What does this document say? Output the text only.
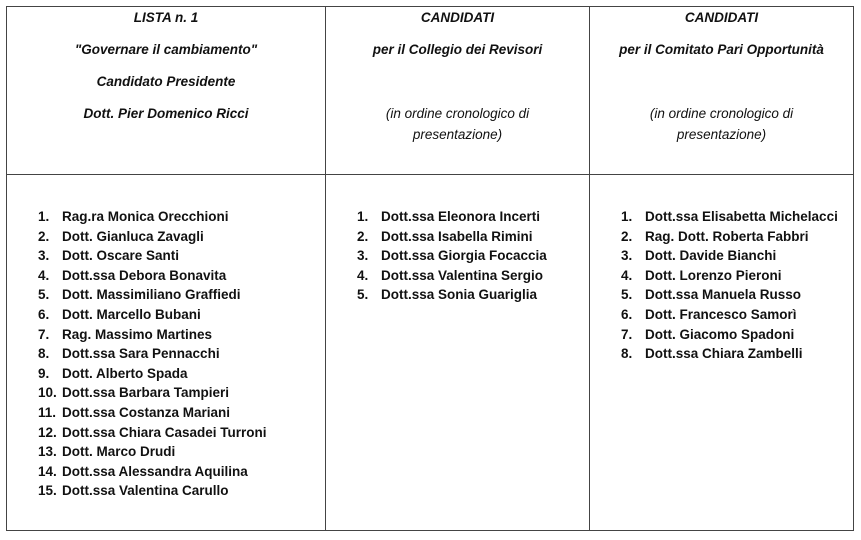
LISTA n. 1
"Governare il cambiamento"
Candidato Presidente
Dott. Pier Domenico Ricci
CANDIDATI
per il Collegio dei Revisori
(in ordine cronologico di
presentazione)
CANDIDATI
per il Comitato Pari Opportunità
(in ordine cronologico di
presentazione)
1. Rag.ra Monica Orecchioni
2. Dott. Gianluca Zavagli
3. Dott. Oscare Santi
4. Dott.ssa Debora Bonavita
5. Dott. Massimiliano Graffiedi
6. Dott. Marcello Bubani
7. Rag. Massimo Martines
8. Dott.ssa Sara Pennacchi
9. Dott. Alberto Spada
10. Dott.ssa Barbara Tampieri
11. Dott.ssa Costanza Mariani
12. Dott.ssa Chiara Casadei Turroni
13. Dott. Marco Drudi
14. Dott.ssa Alessandra Aquilina
15. Dott.ssa Valentina Carullo
1. Dott.ssa Eleonora Incerti
2. Dott.ssa Isabella Rimini
3. Dott.ssa Giorgia Focaccia
4. Dott.ssa Valentina Sergio
5. Dott.ssa Sonia Guariglia
1. Dott.ssa Elisabetta Michelacci
2. Rag. Dott. Roberta Fabbri
3. Dott. Davide Bianchi
4. Dott. Lorenzo Pieroni
5. Dott.ssa Manuela Russo
6. Dott. Francesco Samorì
7. Dott. Giacomo Spadoni
8. Dott.ssa Chiara Zambelli
